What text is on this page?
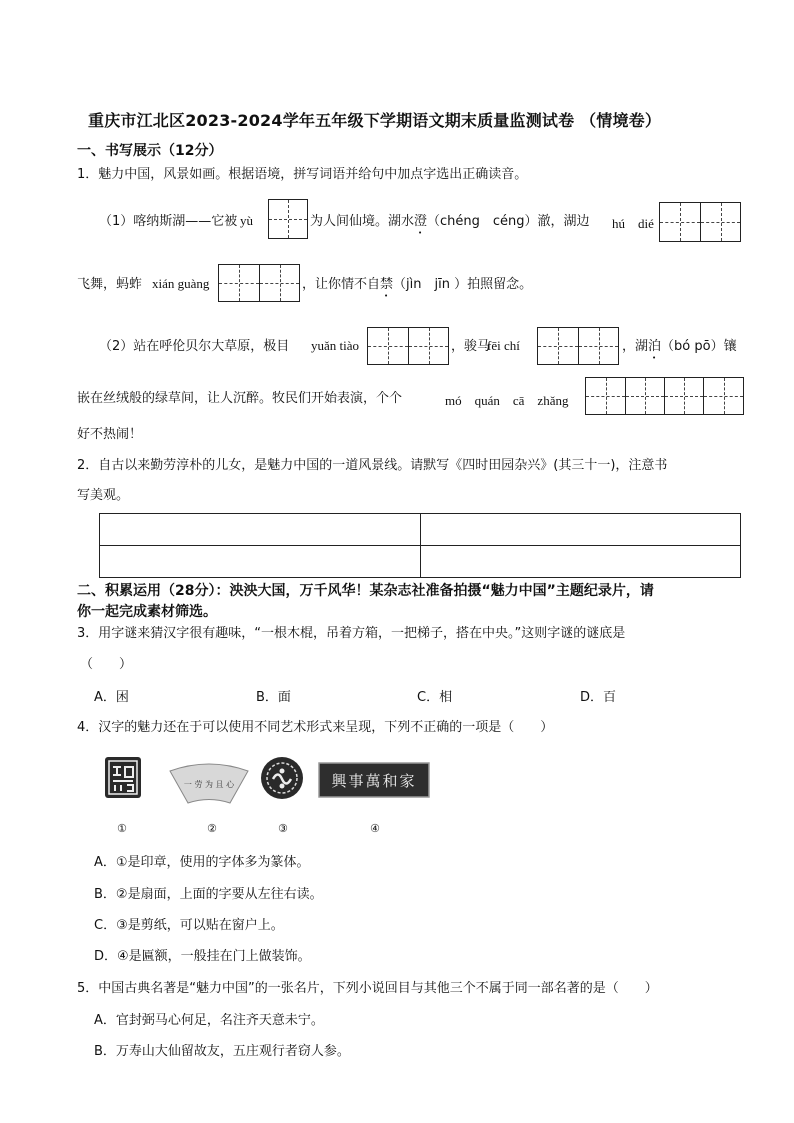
重庆市江北区2023-2024学年五年级下学期语文期末质量监测试卷 （情境卷）
一、书写展示（12分）
1．魅力中国，风景如画。根据语境，拼写词语并给句中加点字选出正确读音。
（1）喀纳斯湖——它被 yù	为人间仙境。湖水澄（chéng　céng）澈，湖边 hú　dié
飞舞，蚂蚱 xián guàng	，让你情不自禁（jìn　jīn ）拍照留念。
（2）站在呼伦贝尔大草原，极目 yuǎn tiào	，骏马
fēi chí	，湖泊（bó pō）镶
嵌在丝绒般的绿草间，让人沉醉。牧民们开始表演，个个	mó　quán　cā　zhǎng
好不热闹！
2．自古以来勤劳淳朴的儿女，是魅力中国的一道风景线。请默写《四时田园杂兴》(其三十一)，注意书
写美观。

二、积累运用（28分）：泱泱大国，万千风华！某杂志社准备拍摄“魅力中国”主题纪录片，请
你一起完成素材筛选。
3．用字谜来猜汉字很有趣味，“一根木棍，吊着方箱，一把梯子，搭在中央。”这则字谜的谜底是
（　　）
A．困	B．面	C．相	D．百
4．汉字的魅力还在于可以使用不同艺术形式来呈现，下列不正确的一项是（　　）
一 劳 为 且 心	興事萬和家
①	②	③	④
A．①是印章，使用的字体多为篆体。
B．②是扇面，上面的字要从左往右读。
C．③是剪纸，可以贴在窗户上。
D．④是匾额，一般挂在门上做装饰。
5．中国古典名著是“魅力中国”的一张名片，下列小说回目与其他三个不属于同一部名著的是（　　）
A．官封弼马心何足，名注齐天意未宁。
B．万寿山大仙留故友，五庄观行者窃人参。
